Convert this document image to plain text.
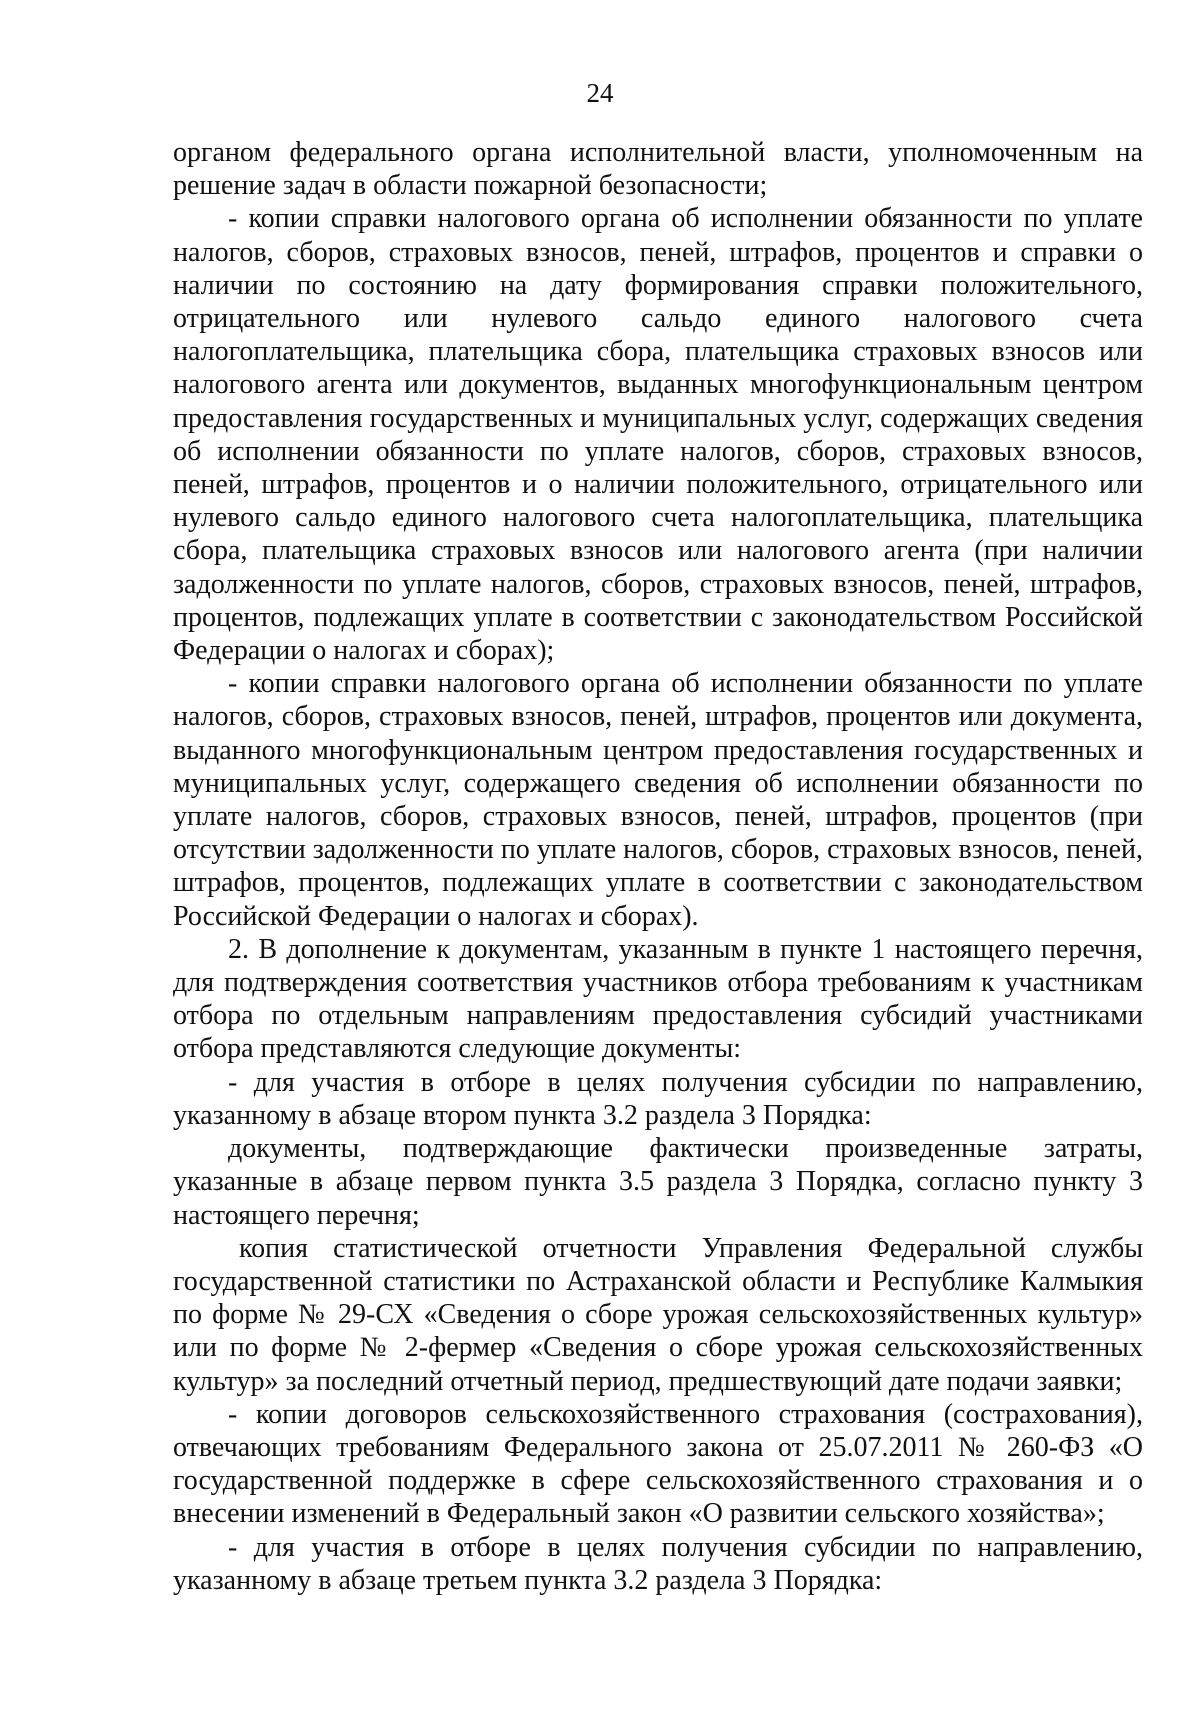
24

органом федерального органа исполнительной власти, уполномоченным на решение задач в области пожарной безопасности;

- копии справки налогового органа об исполнении обязанности по уплате налогов, сборов, страховых взносов, пеней, штрафов, процентов и справки о наличии по состоянию на дату формирования справки положительного, отрицательного или нулевого сальдо единого налогового счета налогоплательщика, плательщика сбора, плательщика страховых взносов или налогового агента или документов, выданных многофункциональным центром предоставления государственных и муниципальных услуг, содержащих сведения об исполнении обязанности по уплате налогов, сборов, страховых взносов, пеней, штрафов, процентов и о наличии положительного, отрицательного или нулевого сальдо единого налогового счета налогоплательщика, плательщика сбора, плательщика страховых взносов или налогового агента (при наличии задолженности по уплате налогов, сборов, страховых взносов, пеней, штрафов, процентов, подлежащих уплате в соответствии с законодательством Российской Федерации о налогах и сборах);

- копии справки налогового органа об исполнении обязанности по уплате налогов, сборов, страховых взносов, пеней, штрафов, процентов или документа, выданного многофункциональным центром предоставления государственных и муниципальных услуг, содержащего сведения об исполнении обязанности по уплате налогов, сборов, страховых взносов, пеней, штрафов, процентов (при отсутствии задолженности по уплате налогов, сборов, страховых взносов, пеней, штрафов, процентов, подлежащих уплате в соответствии с законодательством Российской Федерации о налогах и сборах).

2. В дополнение к документам, указанным в пункте 1 настоящего перечня, для подтверждения соответствия участников отбора требованиям к участникам отбора по отдельным направлениям предоставления субсидий участниками отбора представляются следующие документы:

- для участия в отборе в целях получения субсидии по направлению, указанному в абзаце втором пункта 3.2 раздела 3 Порядка:

документы, подтверждающие фактически произведенные затраты, указанные в абзаце первом пункта 3.5 раздела 3 Порядка, согласно пункту 3 настоящего перечня;

копия статистической отчетности Управления Федеральной службы государственной статистики по Астраханской области и Республике Калмыкия по форме № 29-СХ «Сведения о сборе урожая сельскохозяйственных культур» или по форме № 2-фермер «Сведения о сборе урожая сельскохозяйственных культур» за последний отчетный период, предшествующий дате подачи заявки;

- копии договоров сельскохозяйственного страхования (сострахования), отвечающих требованиям Федерального закона от 25.07.2011 № 260-ФЗ «О государственной поддержке в сфере сельскохозяйственного страхования и о внесении изменений в Федеральный закон «О развитии сельского хозяйства»;

- для участия в отборе в целях получения субсидии по направлению, указанному в абзаце третьем пункта 3.2 раздела 3 Порядка:
